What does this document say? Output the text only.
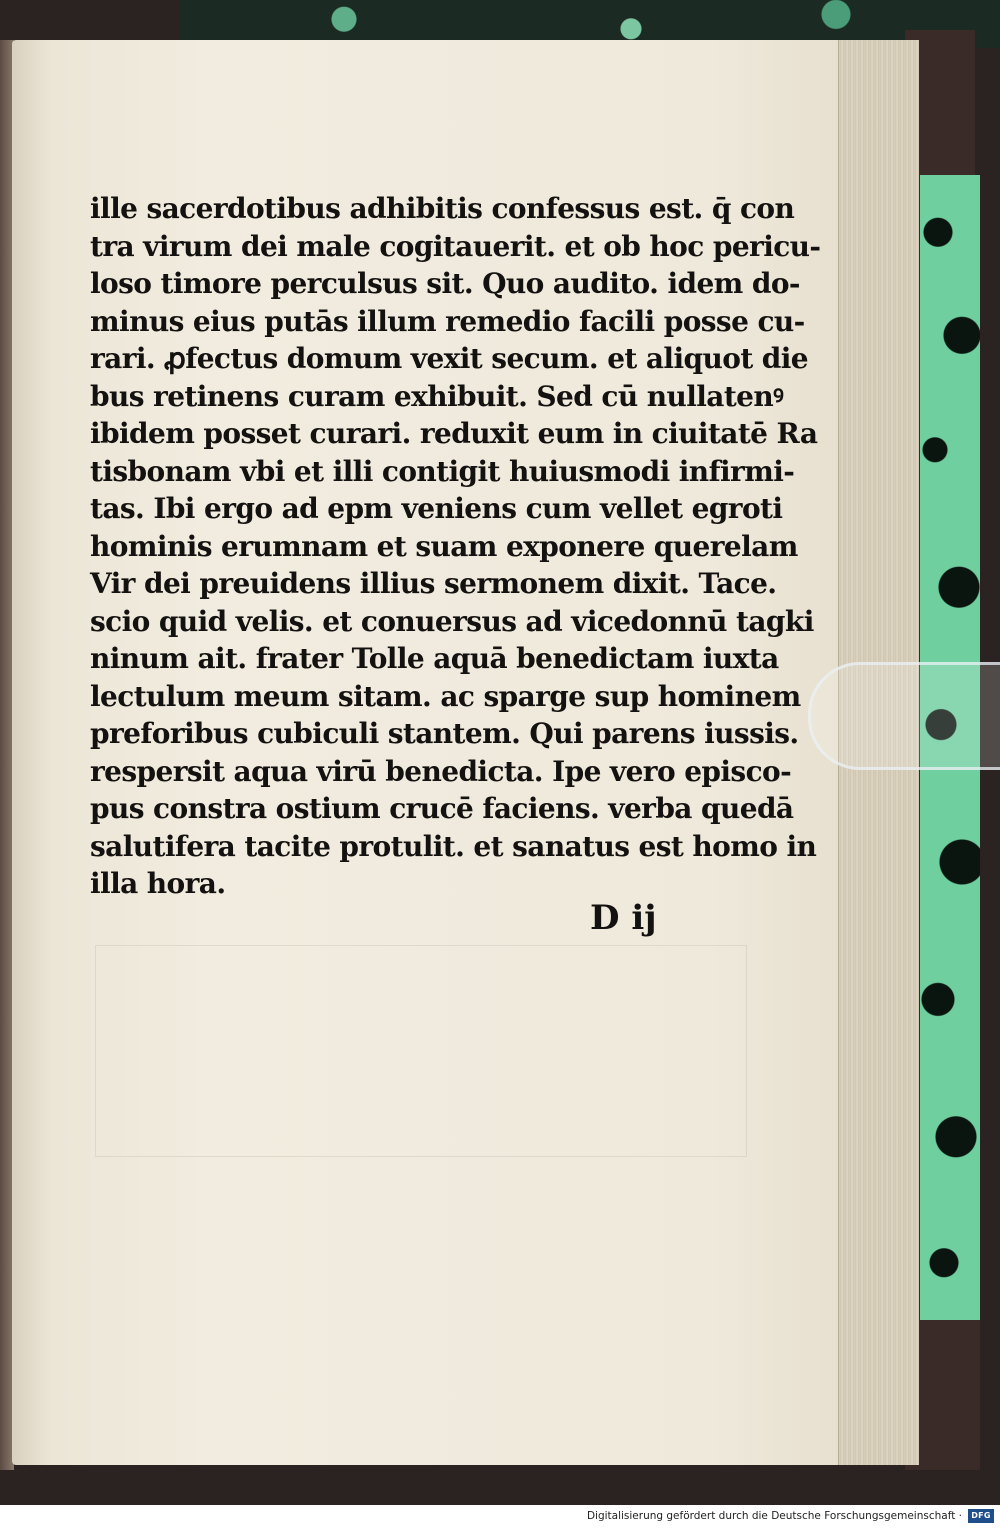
ille sacerdotibus adhibitis confessus est. q̄ con
tra virum dei male cogitauerit. et ob hoc pericu-
loso timore perculsus sit. Quo audito. idem do-
minus eius putās illum remedio facili posse cu-
rari. ꝓfectus domum vexit secum. et aliquot die
bus retinens curam exhibuit. Sed cū nullatenꝰ
ibidem posset curari. reduxit eum in ciuitatē Ra
tisbonam vbi et illi contigit huiusmodi infirmi-
tas. Ibi ergo ad epm veniens cum vellet egroti
hominis erumnam et suam exponere querelam
Vir dei preuidens illius sermonem dixit. Tace.
scio quid velis. et conuersus ad vicedonnū tagki
ninum ait. frater Tolle aquā benedictam iuxta
lectulum meum sitam. ac sparge sup hominem
preforibus cubiculi stantem. Qui parens iussis.
respersit aqua virū benedicta. Ipe vero episco-
pus constra ostium crucē faciens. verba quedā
salutifera tacite protulit. et sanatus est homo in
illa hora.
D ij
Digitalisierung gefördert durch die Deutsche Forschungsgemeinschaft ·	DFG
